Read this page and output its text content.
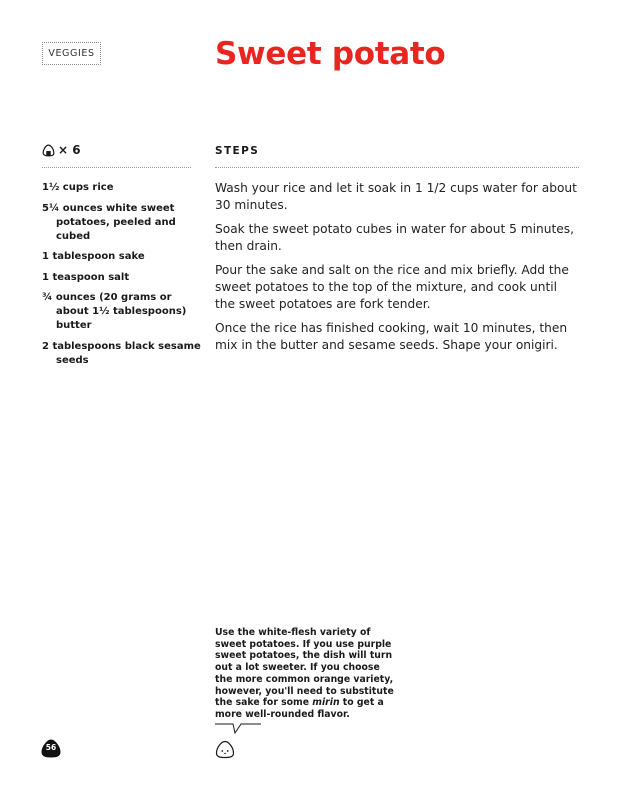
VEGGIES	Sweet potato
× 6	STEPS
1½ cups rice
5¼ ounces white sweet potatoes, peeled and cubed
1 tablespoon sake
1 teaspoon salt
¾ ounces (20 grams or about 1½ tablespoons) butter
2 tablespoons black sesame seeds
Wash your rice and let it soak in 1 1/2 cups water for about 30 minutes.
Soak the sweet potato cubes in water for about 5 minutes, then drain.
Pour the sake and salt on the rice and mix briefly. Add the sweet potatoes to the top of the mixture, and cook until the sweet potatoes are fork tender.
Once the rice has finished cooking, wait 10 minutes, then mix in the butter and sesame seeds. Shape your onigiri.

Use the white-flesh variety of sweet potatoes. If you use purple sweet potatoes, the dish will turn out a lot sweeter. If you choose the more common orange variety, however, you'll need to substitute the sake for some mirin to get a more well-rounded flavor.

56
